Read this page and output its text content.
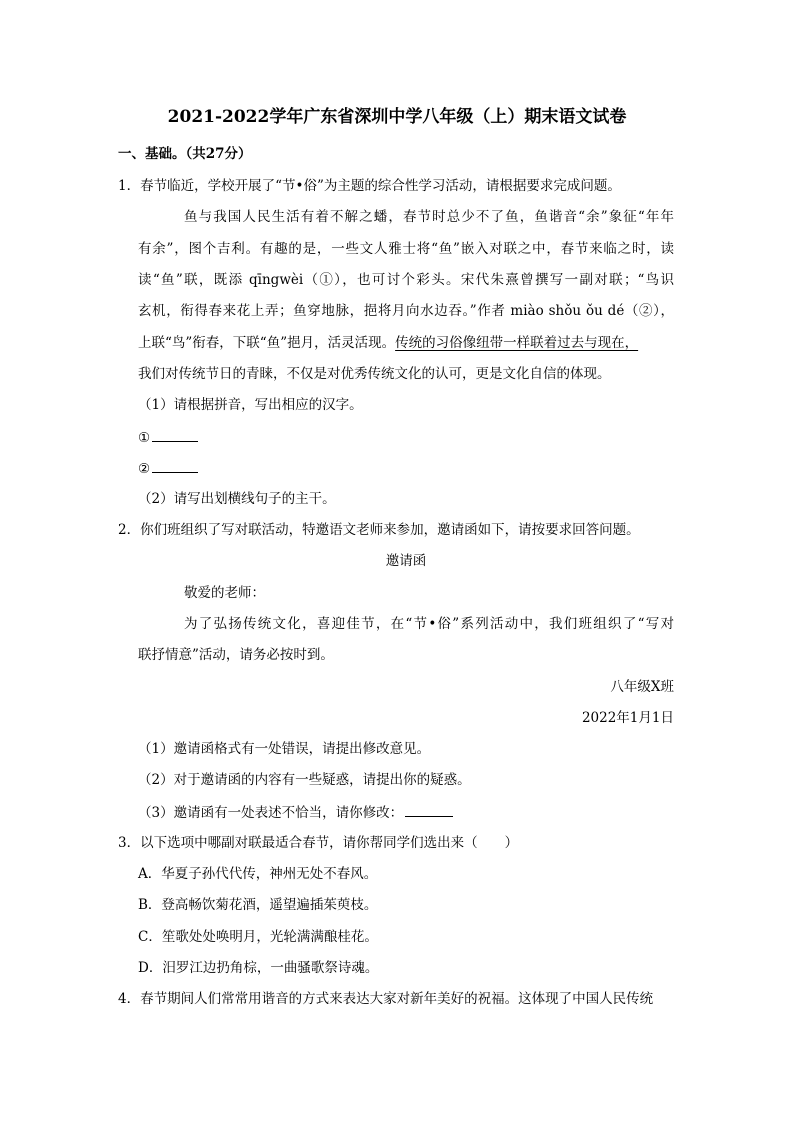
2021-2022学年广东省深圳中学八年级（上）期末语文试卷
一、基础。（共27分）
1．春节临近，学校开展了“节•俗”为主题的综合性学习活动，请根据要求完成问题。
鱼与我国人民生活有着不解之蟠，春节时总少不了鱼，鱼谐音“余”象征“年年
有余”，图个吉利。有趣的是，一些文人雅士将“鱼”嵌入对联之中，春节来临之时，读
读“鱼”联，既添 qīngwèi（①），也可讨个彩头。宋代朱熹曾撰写一副对联；“鸟识
玄机，衔得春来花上弄；鱼穿地脉，挹将月向水边吞。”作者 miào shǒu ǒu dé（②），
上联“鸟”衔春，下联“鱼”挹月，活灵活现。传统的习俗像纽带一样联着过去与现在，
我们对传统节日的青睐，不仅是对优秀传统文化的认可，更是文化自信的体现。
（1）请根据拼音，写出相应的汉字。
①
②
（2）请写出划横线句子的主干。
2．你们班组织了写对联活动，特邀语文老师来参加，邀请函如下，请按要求回答问题。
邀请函
敬爱的老师：
为了弘扬传统文化，喜迎佳节，在“节•俗”系列活动中，我们班组织了“写对
联抒情意”活动，请务必按时到。
八年级X班
2022年1月1日
（1）邀请函格式有一处错误，请提出修改意见。
（2）对于邀请函的内容有一些疑惑，请提出你的疑惑。
（3）邀请函有一处表述不恰当，请你修改：
3．以下选项中哪副对联最适合春节，请你帮同学们选出来（　　）
A．华夏子孙代代传，神州无处不春风。
B．登高畅饮菊花酒，遥望遍插茱萸枝。
C．笙歌处处唤明月，光轮满满酿桂花。
D．汨罗江边扔角棕，一曲骚歌祭诗魂。
4．春节期间人们常常用谐音的方式来表达大家对新年美好的祝福。这体现了中国人民传统
